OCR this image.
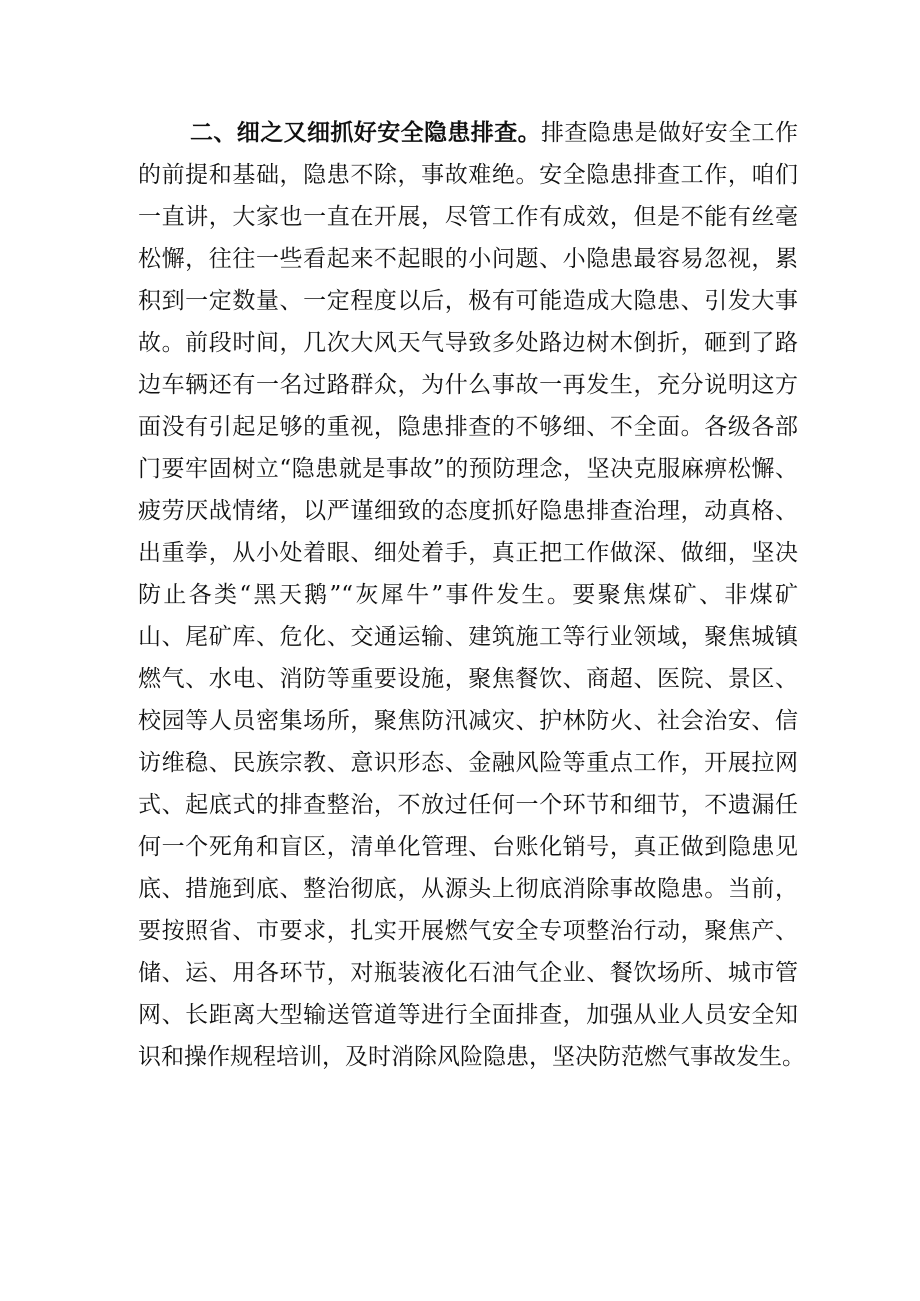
二、细之又细抓好安全隐患排查。排查隐患是做好安全工作
的前提和基础，隐患不除，事故难绝。安全隐患排查工作，咱们
一直讲，大家也一直在开展，尽管工作有成效，但是不能有丝毫
松懈，往往一些看起来不起眼的小问题、小隐患最容易忽视，累
积到一定数量、一定程度以后，极有可能造成大隐患、引发大事
故。前段时间，几次大风天气导致多处路边树木倒折，砸到了路
边车辆还有一名过路群众，为什么事故一再发生，充分说明这方
面没有引起足够的重视，隐患排查的不够细、不全面。各级各部
门要牢固树立“隐患就是事故”的预防理念，坚决克服麻痹松懈、
疲劳厌战情绪，以严谨细致的态度抓好隐患排查治理，动真格、
出重拳，从小处着眼、细处着手，真正把工作做深、做细，坚决
防止各类“黑天鹅”“灰犀牛”事件发生。要聚焦煤矿、非煤矿
山、尾矿库、危化、交通运输、建筑施工等行业领域，聚焦城镇
燃气、水电、消防等重要设施，聚焦餐饮、商超、医院、景区、
校园等人员密集场所，聚焦防汛减灾、护林防火、社会治安、信
访维稳、民族宗教、意识形态、金融风险等重点工作，开展拉网
式、起底式的排查整治，不放过任何一个环节和细节，不遗漏任
何一个死角和盲区，清单化管理、台账化销号，真正做到隐患见
底、措施到底、整治彻底，从源头上彻底消除事故隐患。当前，
要按照省、市要求，扎实开展燃气安全专项整治行动，聚焦产、
储、运、用各环节，对瓶装液化石油气企业、餐饮场所、城市管
网、长距离大型输送管道等进行全面排查，加强从业人员安全知
识和操作规程培训，及时消除风险隐患，坚决防范燃气事故发生。
